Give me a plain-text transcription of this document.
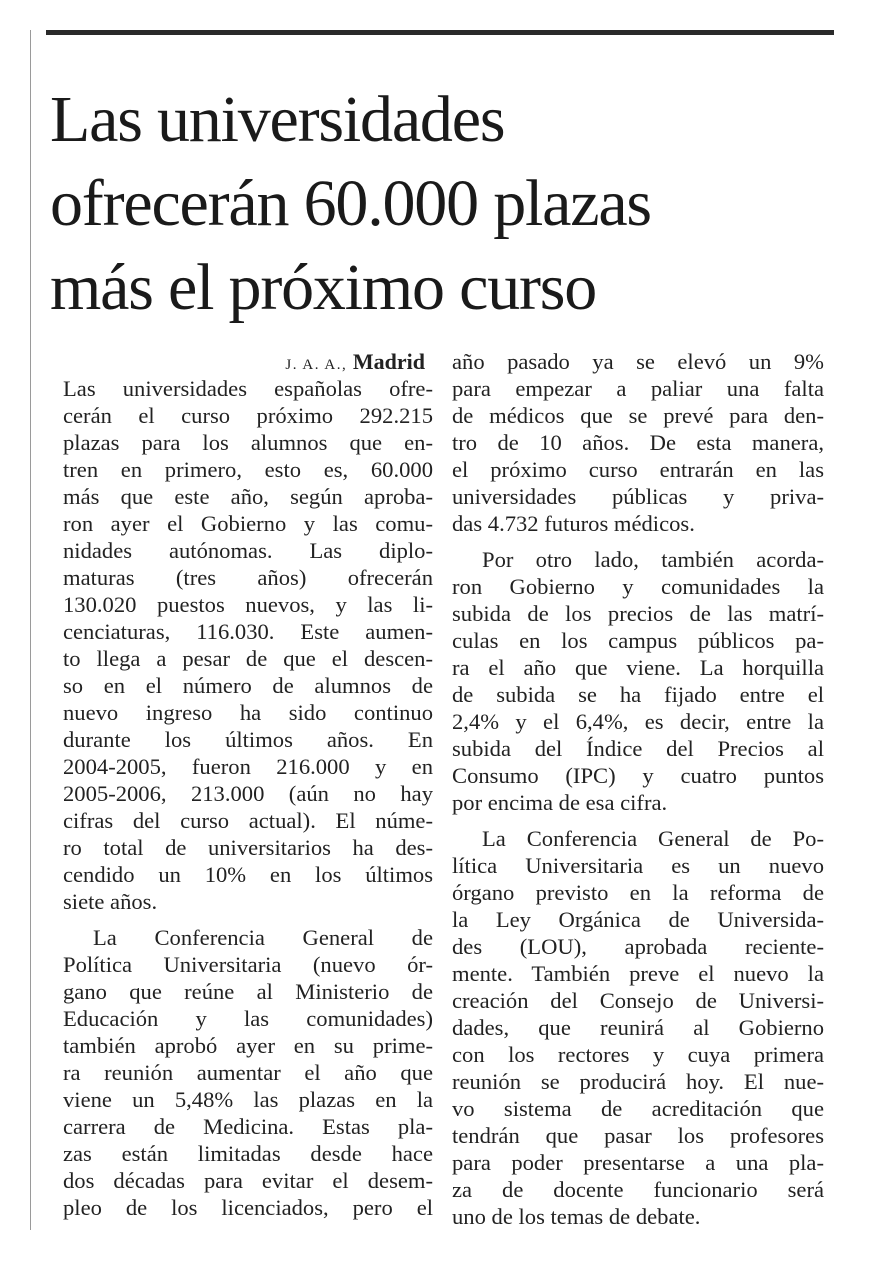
Las universidades
ofrecerán 60.000 plazas
más el próximo curso
J. A. A., Madrid
Las universidades españolas ofre-
cerán el curso próximo 292.215
plazas para los alumnos que en-
tren en primero, esto es, 60.000
más que este año, según aproba-
ron ayer el Gobierno y las comu-
nidades autónomas. Las diplo-
maturas (tres años) ofrecerán
130.020 puestos nuevos, y las li-
cenciaturas, 116.030. Este aumen-
to llega a pesar de que el descen-
so en el número de alumnos de
nuevo ingreso ha sido continuo
durante los últimos años. En
2004-2005, fueron 216.000 y en
2005-2006, 213.000 (aún no hay
cifras del curso actual). El núme-
ro total de universitarios ha des-
cendido un 10% en los últimos
siete años.
La Conferencia General de
Política Universitaria (nuevo ór-
gano que reúne al Ministerio de
Educación y las comunidades)
también aprobó ayer en su prime-
ra reunión aumentar el año que
viene un 5,48% las plazas en la
carrera de Medicina. Estas pla-
zas están limitadas desde hace
dos décadas para evitar el desem-
pleo de los licenciados, pero el
año pasado ya se elevó un 9%
para empezar a paliar una falta
de médicos que se prevé para den-
tro de 10 años. De esta manera,
el próximo curso entrarán en las
universidades públicas y priva-
das 4.732 futuros médicos.
Por otro lado, también acorda-
ron Gobierno y comunidades la
subida de los precios de las matrí-
culas en los campus públicos pa-
ra el año que viene. La horquilla
de subida se ha fijado entre el
2,4% y el 6,4%, es decir, entre la
subida del Índice del Precios al
Consumo (IPC) y cuatro puntos
por encima de esa cifra.
La Conferencia General de Po-
lítica Universitaria es un nuevo
órgano previsto en la reforma de
la Ley Orgánica de Universida-
des (LOU), aprobada reciente-
mente. También preve el nuevo la
creación del Consejo de Universi-
dades, que reunirá al Gobierno
con los rectores y cuya primera
reunión se producirá hoy. El nue-
vo sistema de acreditación que
tendrán que pasar los profesores
para poder presentarse a una pla-
za de docente funcionario será
uno de los temas de debate.
